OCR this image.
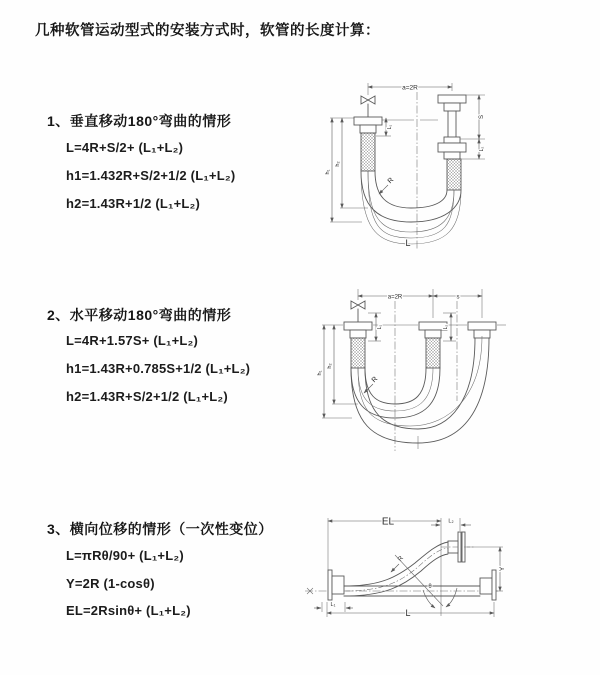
几种软管运动型式的安装方式时，软管的长度计算：
1、垂直移动180°弯曲的情形
L=4R+S/2+ (L₁+L₂)
h1=1.432R+S/2+1/2 (L₁+L₂)
h2=1.43R+1/2 (L₁+L₂)
2、水平移动180°弯曲的情形
L=4R+1.57S+ (L₁+L₂)
h1=1.43R+0.785S+1/2 (L₁+L₂)
h2=1.43R+S/2+1/2 (L₁+L₂)
3、横向位移的情形（一次性变位）
L=πRθ/90+ (L₁+L₂)
Y=2R (1-cosθ)
EL=2Rsinθ+ (L₁+L₂)
a=2R
R
L
h₁
h₂
L₁
S
L₂
a=2R	s
R
h₁
h₂
L₁	L₂
EL	L₂
Y
R
θ
L₁
L
